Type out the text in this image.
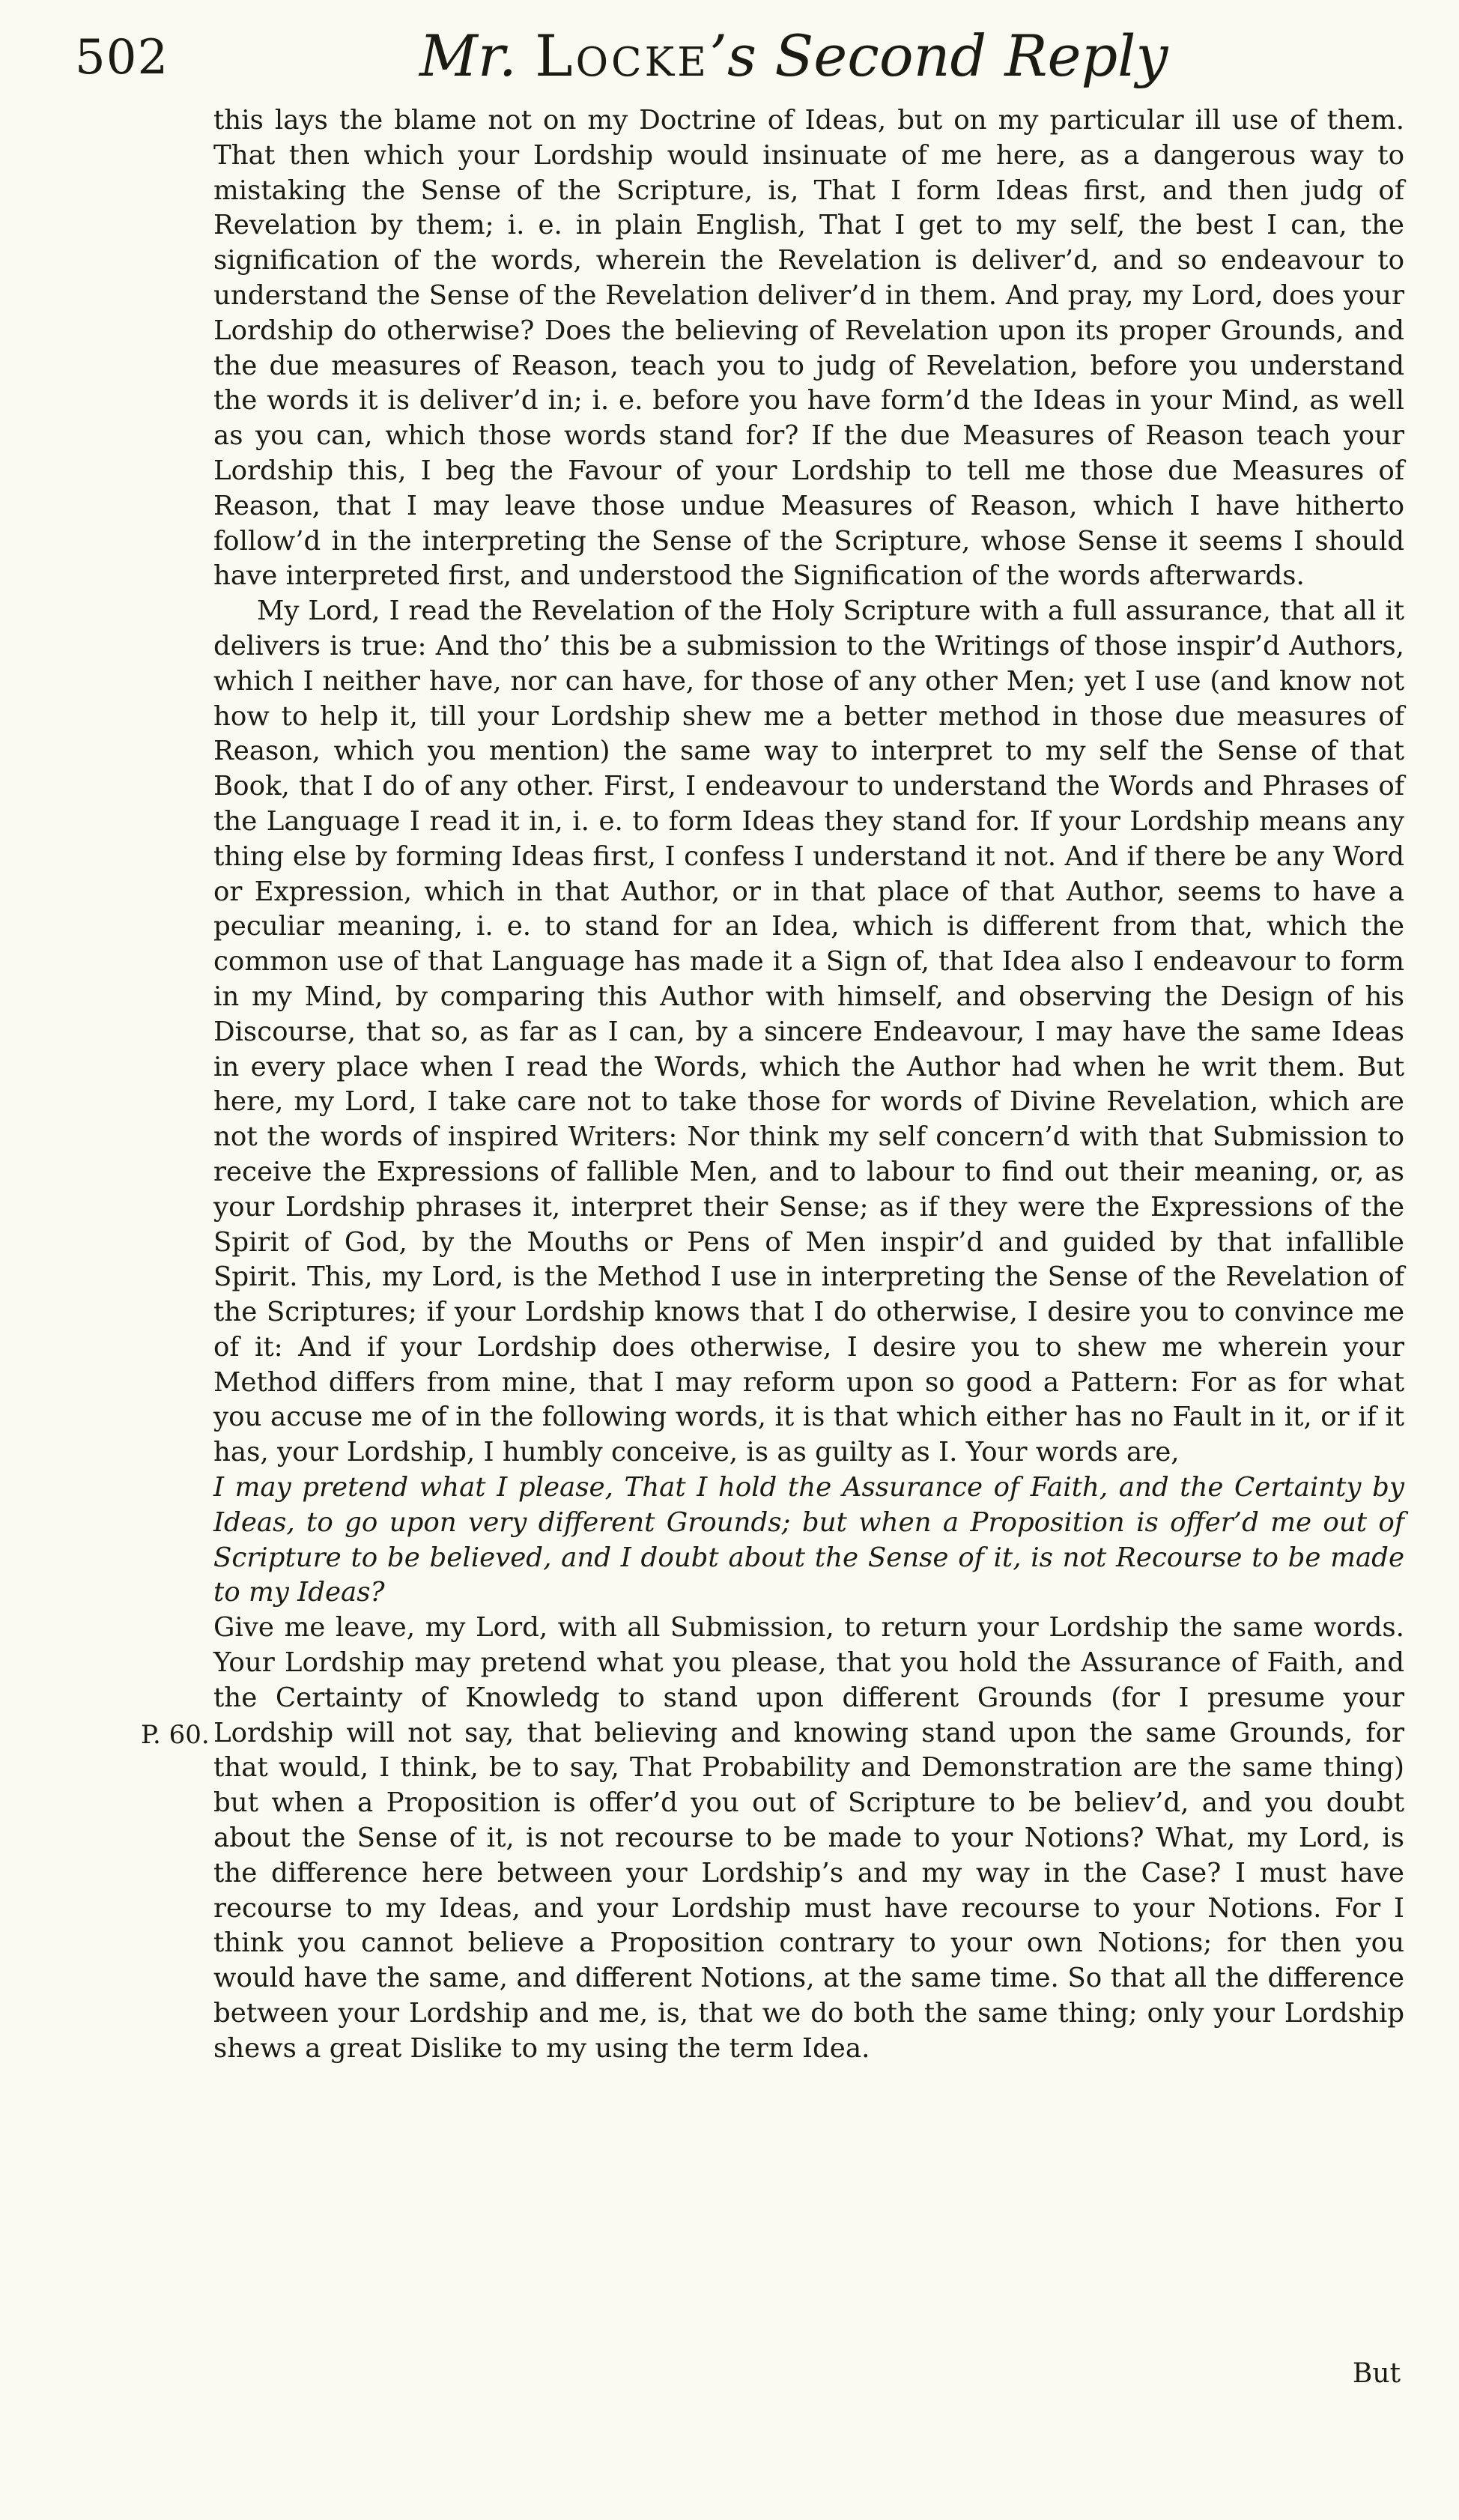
502	Mr. Locke’s Second Reply

this lays the blame not on my Doctrine of Ideas, but on my particular ill use of them. That then which your Lordship would insinuate of me here, as a dangerous way to mistaking the Sense of the Scripture, is, That I form Ideas first, and then judg of Revelation by them; i. e. in plain English, That I get to my self, the best I can, the signification of the words, wherein the Revelation is deliver’d, and so endeavour to understand the Sense of the Revelation deliver’d in them. And pray, my Lord, does your Lordship do otherwise? Does the believing of Revelation upon its proper Grounds, and the due measures of Reason, teach you to judg of Revelation, before you understand the words it is deliver’d in; i. e. before you have form’d the Ideas in your Mind, as well as you can, which those words stand for? If the due Measures of Reason teach your Lordship this, I beg the Favour of your Lordship to tell me those due Measures of Reason, that I may leave those undue Measures of Reason, which I have hitherto follow’d in the interpreting the Sense of the Scripture, whose Sense it seems I should have interpreted first, and understood the Signification of the words afterwards.

My Lord, I read the Revelation of the Holy Scripture with a full assurance, that all it delivers is true: And tho’ this be a submission to the Writings of those inspir’d Authors, which I neither have, nor can have, for those of any other Men; yet I use (and know not how to help it, till your Lordship shew me a better method in those due measures of Reason, which you mention) the same way to interpret to my self the Sense of that Book, that I do of any other. First, I endeavour to understand the Words and Phrases of the Language I read it in, i. e. to form Ideas they stand for. If your Lordship means any thing else by forming Ideas first, I confess I understand it not. And if there be any Word or Expression, which in that Author, or in that place of that Author, seems to have a peculiar meaning, i. e. to stand for an Idea, which is different from that, which the common use of that Language has made it a Sign of, that Idea also I endeavour to form in my Mind, by comparing this Author with himself, and observing the Design of his Discourse, that so, as far as I can, by a sincere Endeavour, I may have the same Ideas in every place when I read the Words, which the Author had when he writ them. But here, my Lord, I take care not to take those for words of Divine Revelation, which are not the words of inspired Writers: Nor think my self concern’d with that Submission to receive the Expressions of fallible Men, and to labour to find out their meaning, or, as your Lordship phrases it, interpret their Sense; as if they were the Expressions of the Spirit of God, by the Mouths or Pens of Men inspir’d and guided by that infallible Spirit. This, my Lord, is the Method I use in interpreting the Sense of the Revelation of the Scriptures; if your Lordship knows that I do otherwise, I desire you to convince me of it: And if your Lordship does otherwise, I desire you to shew me wherein your Method differs from mine, that I may reform upon so good a Pattern: For as for what you accuse me of in the following words, it is that which either has no Fault in it, or if it has, your Lordship, I humbly conceive, is as guilty as I. Your words are,

I may pretend what I please, That I hold the Assurance of Faith, and the Certainty by Ideas, to go upon very different Grounds; but when a Proposition is offer’d me out of Scripture to be believed, and I doubt about the Sense of it, is not Recourse to be made to my Ideas?

Give me leave, my Lord, with all Submission, to return your Lordship the same words. Your Lordship may pretend what you please, that you hold the Assurance of Faith, and the Certainty of Knowledg to stand upon different Grounds (for I presume your Lordship will not say, that believing and knowing stand upon the same Grounds, for that would, I think, be to say, That Probability and Demonstration are the same thing) but when a Proposition is offer’d you out of Scripture to be believ’d, and you doubt about the Sense of it, is not recourse to be made to your Notions? What, my Lord, is the difference here between your Lordship’s and my way in the Case? I must have recourse to my Ideas, and your Lordship must have recourse to your Notions. For I think you cannot believe a Proposition contrary to your own Notions; for then you would have the same, and different Notions, at the same time. So that all the difference between your Lordship and me, is, that we do both the same thing; only your Lordship shews a great Dislike to my using the term Idea.

P. 60.
But
